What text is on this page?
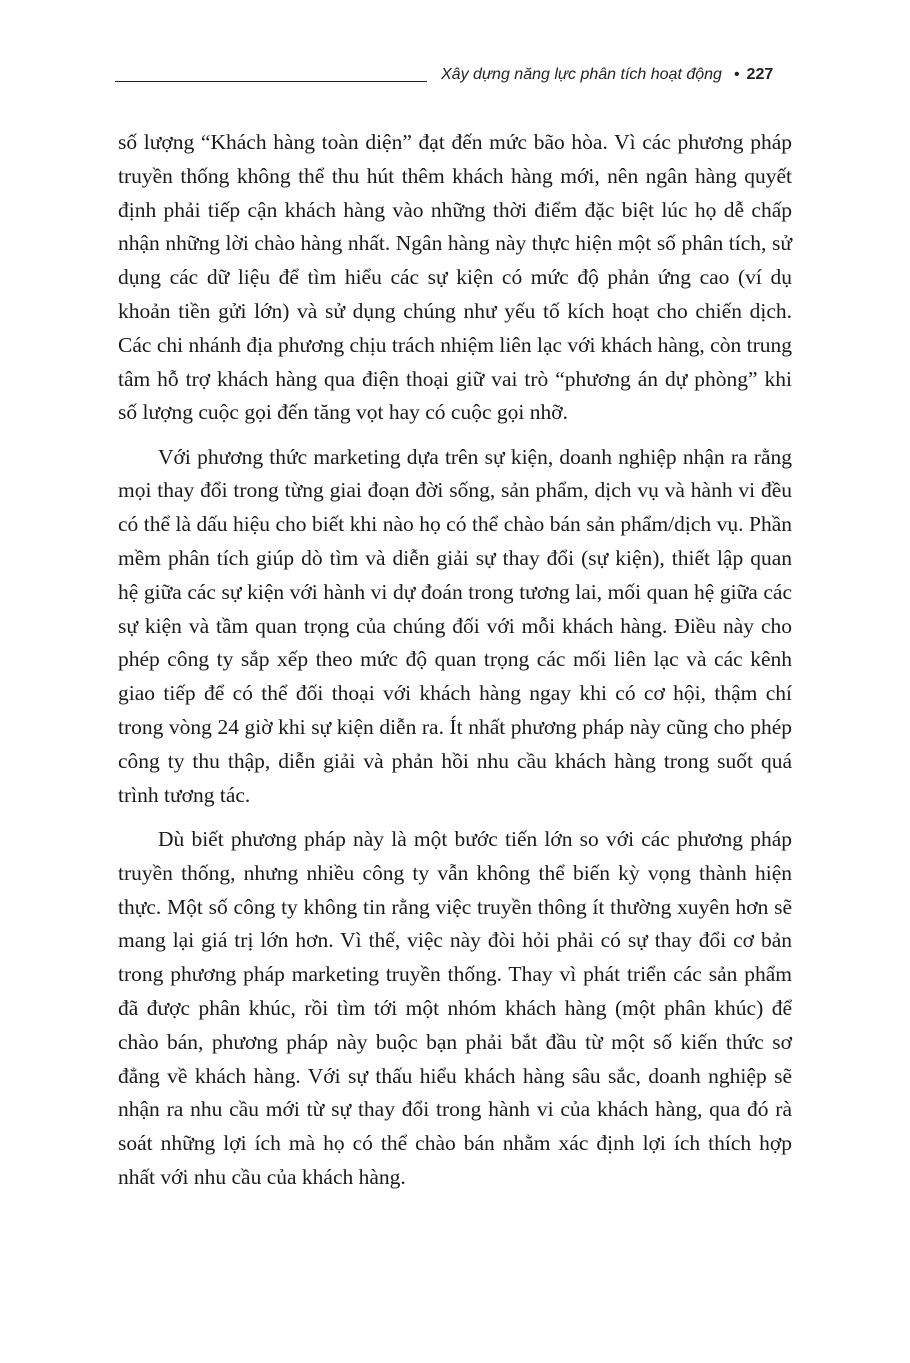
Xây dựng năng lực phân tích hoạt động • 227

số lượng “Khách hàng toàn diện” đạt đến mức bão hòa. Vì các phương pháp truyền thống không thể thu hút thêm khách hàng mới, nên ngân hàng quyết định phải tiếp cận khách hàng vào những thời điểm đặc biệt lúc họ dễ chấp nhận những lời chào hàng nhất. Ngân hàng này thực hiện một số phân tích, sử dụng các dữ liệu để tìm hiểu các sự kiện có mức độ phản ứng cao (ví dụ khoản tiền gửi lớn) và sử dụng chúng như yếu tố kích hoạt cho chiến dịch. Các chi nhánh địa phương chịu trách nhiệm liên lạc với khách hàng, còn trung tâm hỗ trợ khách hàng qua điện thoại giữ vai trò “phương án dự phòng” khi số lượng cuộc gọi đến tăng vọt hay có cuộc gọi nhỡ.

Với phương thức marketing dựa trên sự kiện, doanh nghiệp nhận ra rằng mọi thay đổi trong từng giai đoạn đời sống, sản phẩm, dịch vụ và hành vi đều có thể là dấu hiệu cho biết khi nào họ có thể chào bán sản phẩm/dịch vụ. Phần mềm phân tích giúp dò tìm và diễn giải sự thay đổi (sự kiện), thiết lập quan hệ giữa các sự kiện với hành vi dự đoán trong tương lai, mối quan hệ giữa các sự kiện và tầm quan trọng của chúng đối với mỗi khách hàng. Điều này cho phép công ty sắp xếp theo mức độ quan trọng các mối liên lạc và các kênh giao tiếp để có thể đối thoại với khách hàng ngay khi có cơ hội, thậm chí trong vòng 24 giờ khi sự kiện diễn ra. Ít nhất phương pháp này cũng cho phép công ty thu thập, diễn giải và phản hồi nhu cầu khách hàng trong suốt quá trình tương tác.

Dù biết phương pháp này là một bước tiến lớn so với các phương pháp truyền thống, nhưng nhiều công ty vẫn không thể biến kỳ vọng thành hiện thực. Một số công ty không tin rằng việc truyền thông ít thường xuyên hơn sẽ mang lại giá trị lớn hơn. Vì thế, việc này đòi hỏi phải có sự thay đổi cơ bản trong phương pháp marketing truyền thống. Thay vì phát triển các sản phẩm đã được phân khúc, rồi tìm tới một nhóm khách hàng (một phân khúc) để chào bán, phương pháp này buộc bạn phải bắt đầu từ một số kiến thức sơ đẳng về khách hàng. Với sự thấu hiểu khách hàng sâu sắc, doanh nghiệp sẽ nhận ra nhu cầu mới từ sự thay đổi trong hành vi của khách hàng, qua đó rà soát những lợi ích mà họ có thể chào bán nhằm xác định lợi ích thích hợp nhất với nhu cầu của khách hàng.
